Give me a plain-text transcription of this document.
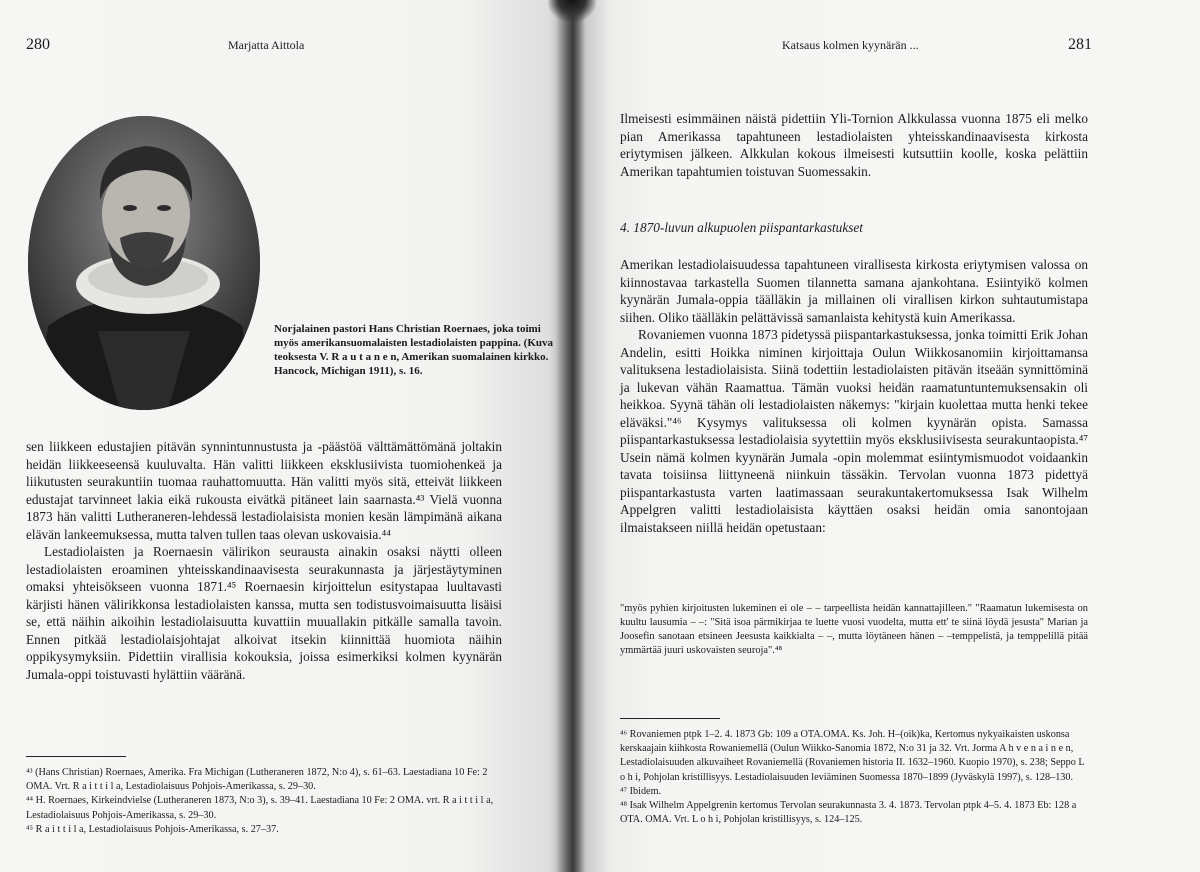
280	Marjatta Aittola
Norjalainen pastori Hans Christian Roernaes, joka toimi myös amerikansuomalaisten lestadiolaisten pappina. (Kuva teoksesta V. R a u t a n e n, Amerikan suomalainen kirkko. Hancock, Michigan 1911), s. 16.

sen liikkeen edustajien pitävän synnintunnustusta ja -päästöä välttämättömänä joltakin heidän liikkeeseensä kuuluvalta. Hän valitti liikkeen eksklusiivista tuomiohenkeä ja liikutusten seurakuntiin tuomaa rauhattomuutta. Hän valitti myös sitä, etteivät liikkeen edustajat tarvinneet lakia eikä rukousta eivätkä pitäneet lain saarnasta.⁴³ Vielä vuonna 1873 hän valitti Lutheraneren-lehdessä lestadiolaisista monien kesän lämpimänä aikana elävän lankeemuksessa, mutta talven tullen taas olevan uskovaisia.⁴⁴

Lestadiolaisten ja Roernaesin välirikon seurausta ainakin osaksi näytti olleen lestadiolaisten eroaminen yhteisskandinaavisesta seurakunnasta ja järjestäytyminen omaksi yhteisökseen vuonna 1871.⁴⁵ Roernaesin kirjoittelun esitystapaa luultavasti kärjisti hänen välirikkonsa lestadiolaisten kanssa, mutta sen todistusvoimaisuutta lisäisi se, että näihin aikoihin lestadiolaisuutta kuvattiin muuallakin pitkälle samalla tavoin. Ennen pitkää lestadiolaisjohtajat alkoivat itsekin kiinnittää huomiota näihin oppikysymyksiin. Pidettiin virallisia kokouksia, joissa esimerkiksi kolmen kyynärän Jumala-oppi toistuvasti hylättiin vääränä.

⁴³ (Hans Christian) Roernaes, Amerika. Fra Michigan (Lutheraneren 1872, N:o 4), s. 61–63. Laestadiana 10 Fe: 2 OMA. Vrt. R a i t t i l a, Lestadiolaisuus Pohjois-Amerikassa, s. 29–30.

⁴⁴ H. Roernaes, Kirkeindvielse (Lutheraneren 1873, N:o 3), s. 39–41. Laestadiana 10 Fe: 2 OMA. vrt. R a i t t i l a, Lestadiolaisuus Pohjois-Amerikassa, s. 29–30.

⁴⁵ R a i t t i l a, Lestadiolaisuus Pohjois-Amerikassa, s. 27–37.

Katsaus kolmen kyynärän ...	281

Ilmeisesti esimmäinen näistä pidettiin Yli-Tornion Alkkulassa vuonna 1875 eli melko pian Amerikassa tapahtuneen lestadiolaisten yhteisskandinaavisesta kirkosta eriytymisen jälkeen. Alkkulan kokous ilmeisesti kutsuttiin koolle, koska pelättiin Amerikan tapahtumien toistuvan Suomessakin.

4. 1870-luvun alkupuolen piispantarkastukset

Amerikan lestadiolaisuudessa tapahtuneen virallisesta kirkosta eriytymisen valossa on kiinnostavaa tarkastella Suomen tilannetta samana ajankohtana. Esiintyikö kolmen kyynärän Jumala-oppia täälläkin ja millainen oli virallisen kirkon suhtautumistapa siihen. Oliko täälläkin pelättävissä samanlaista kehitystä kuin Amerikassa.

Rovaniemen vuonna 1873 pidetyssä piispantarkastuksessa, jonka toimitti Erik Johan Andelin, esitti Hoikka niminen kirjoittaja Oulun Wiikkosanomiin kirjoittamansa valituksena lestadiolaisista. Siinä todettiin lestadiolaisten pitävän itseään synnittöminä ja lukevan vähän Raamattua. Tämän vuoksi heidän raamatuntuntemuksensakin oli heikkoa. Syynä tähän oli lestadiolaisten näkemys: "kirjain kuolettaa mutta henki tekee eläväksi."⁴⁶ Kysymys valituksessa oli kolmen kyynärän opista. Samassa piispantarkastuksessa lestadiolaisia syytettiin myös eksklusiivisesta seurakuntaopista.⁴⁷ Usein nämä kolmen kyynärän Jumala -opin molemmat esiintymismuodot voidaankin tavata toisiinsa liittyneenä niinkuin tässäkin. Tervolan vuonna 1873 pidettyä piispantarkastusta varten laatimassaan seurakuntakertomuksessa Isak Wilhelm Appelgren valitti lestadiolaisista käyttäen osaksi heidän omia sanontojaan ilmaistakseen niillä heidän opetustaan:

"myös pyhien kirjoitusten lukeminen ei ole – – tarpeellista heidän kannattajilleen." "Raamatun lukemisesta on kuultu lausumia – –: "Sitä isoa pärmikirjaa te luette vuosi vuodelta, mutta ett' te siinä löydä jesusta" Marian ja Joosefin sanotaan etsineen Jeesusta kaikkialta – –, mutta löytäneen hänen – –temppelistä, ja temppelillä pitää ymmärtää juuri uskovaisten seuroja".⁴⁸

⁴⁶ Rovaniemen ptpk 1–2. 4. 1873 Gb: 109 a OTA.OMA. Ks. Joh. H–(oik)ka, Kertomus nykyaikaisten uskonsa kerskaajain kiihkosta Rowaniemellä (Oulun Wiikko-Sanomia 1872, N:o 31 ja 32. Vrt. Jorma A h v e n a i n e n, Lestadiolaisuuden alkuvaiheet Rovaniemellä (Rovaniemen historia II. 1632–1960. Kuopio 1970), s. 238; Seppo L o h i, Pohjolan kristillisyys. Lestadiolaisuuden leviäminen Suomessa 1870–1899 (Jyväskylä 1997), s. 128–130.

⁴⁷ Ibidem.

⁴⁸ Isak Wilhelm Appelgrenin kertomus Tervolan seurakunnasta 3. 4. 1873. Tervolan ptpk 4–5. 4. 1873 Eb: 128 a OTA. OMA. Vrt. L o h i, Pohjolan kristillisyys, s. 124–125.
